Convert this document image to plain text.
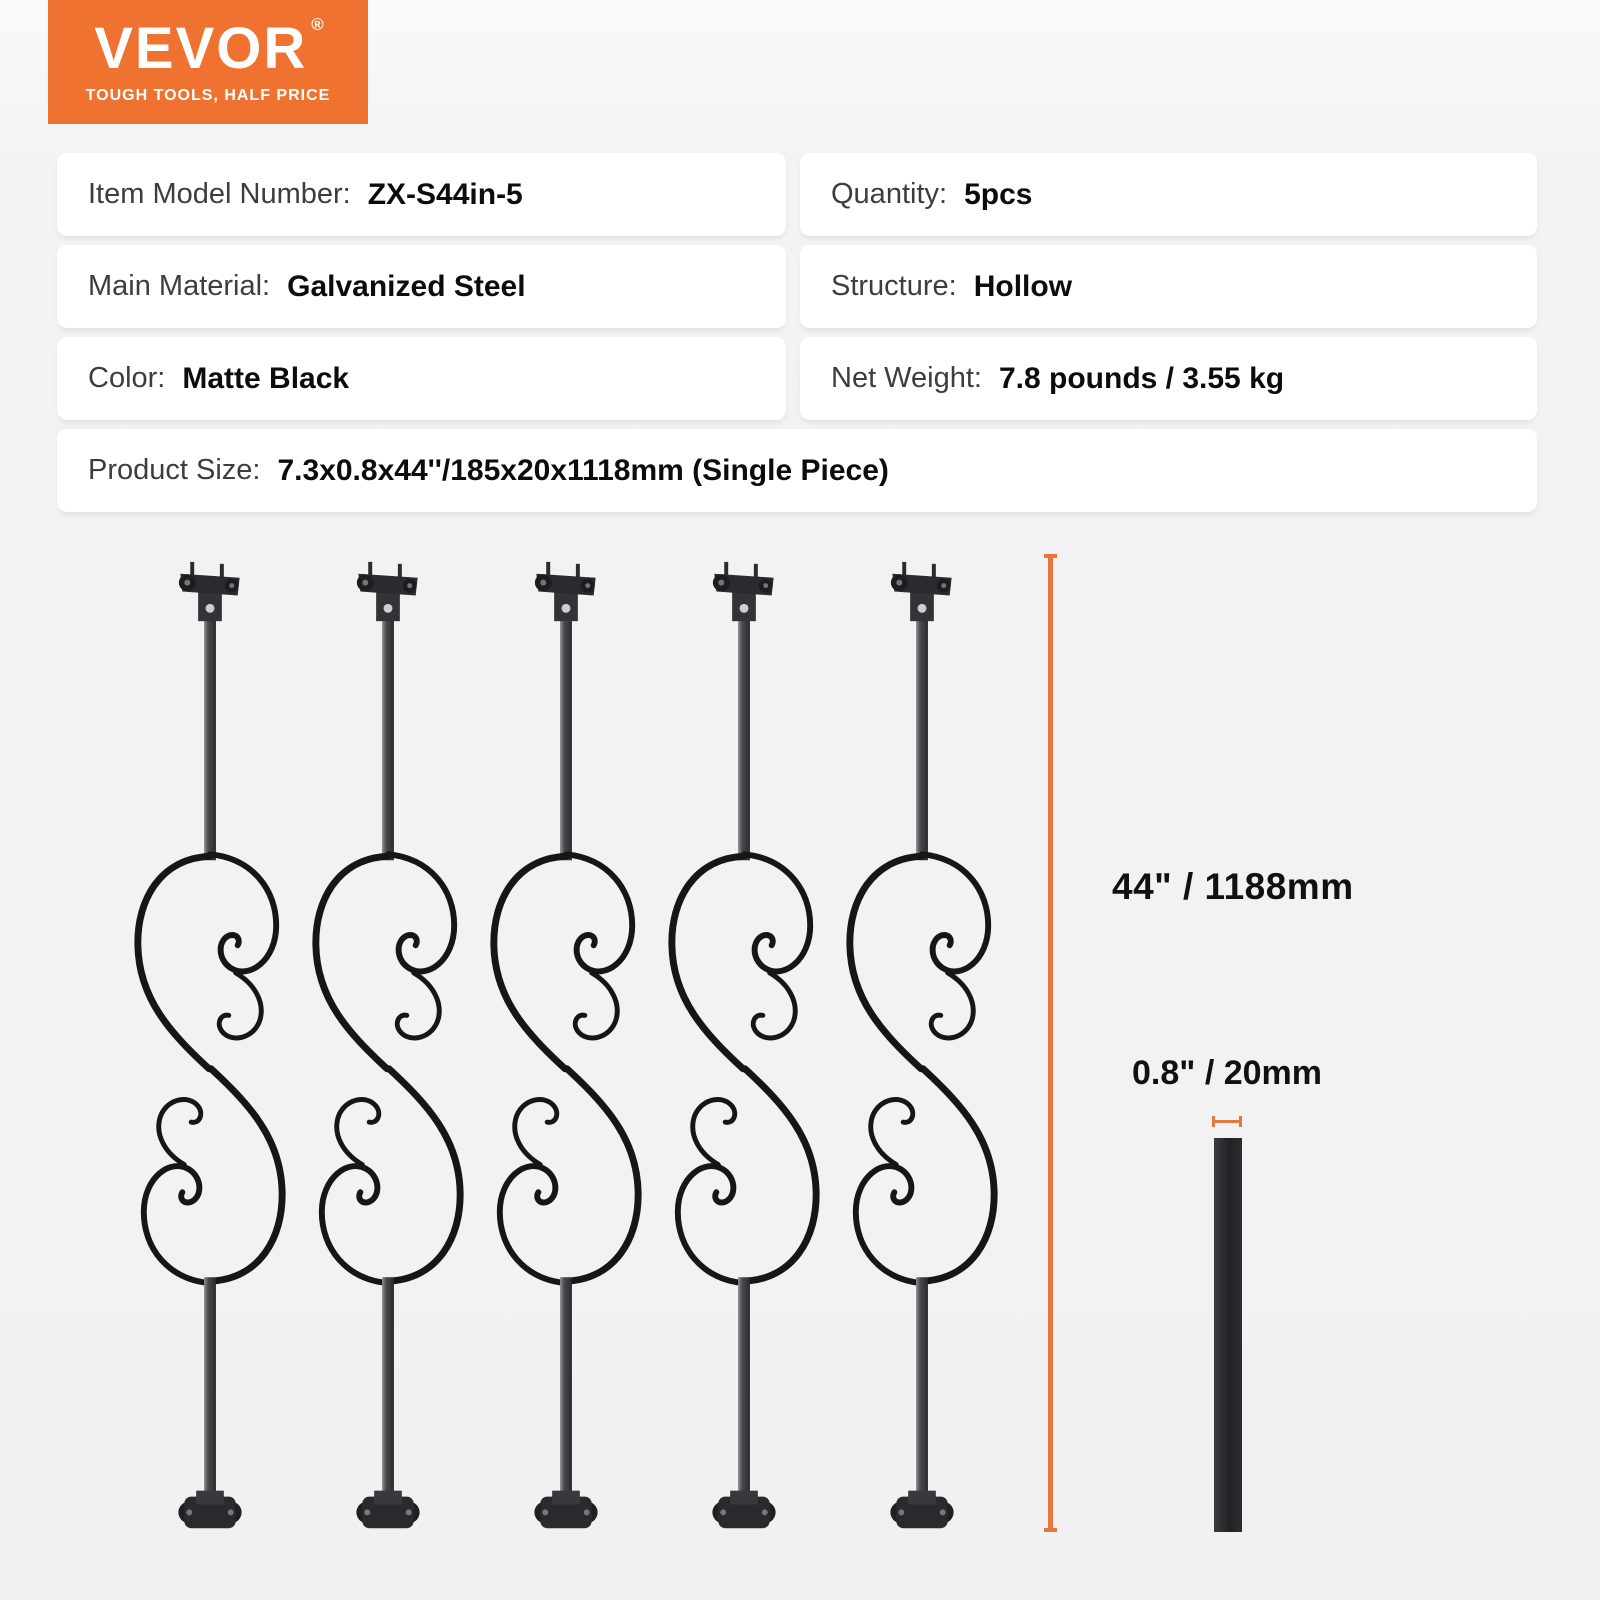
VEVOR ®
TOUGH TOOLS, HALF PRICE
Item Model Number: ZX-S44in-5	Quantity: 5pcs
Main Material: Galvanized Steel	Structure: Hollow
Color: Matte Black	Net Weight: 7.8 pounds / 3.55 kg
Product Size: 7.3x0.8x44''/185x20x1118mm (Single Piece)
44" / 1188mm
0.8" / 20mm
